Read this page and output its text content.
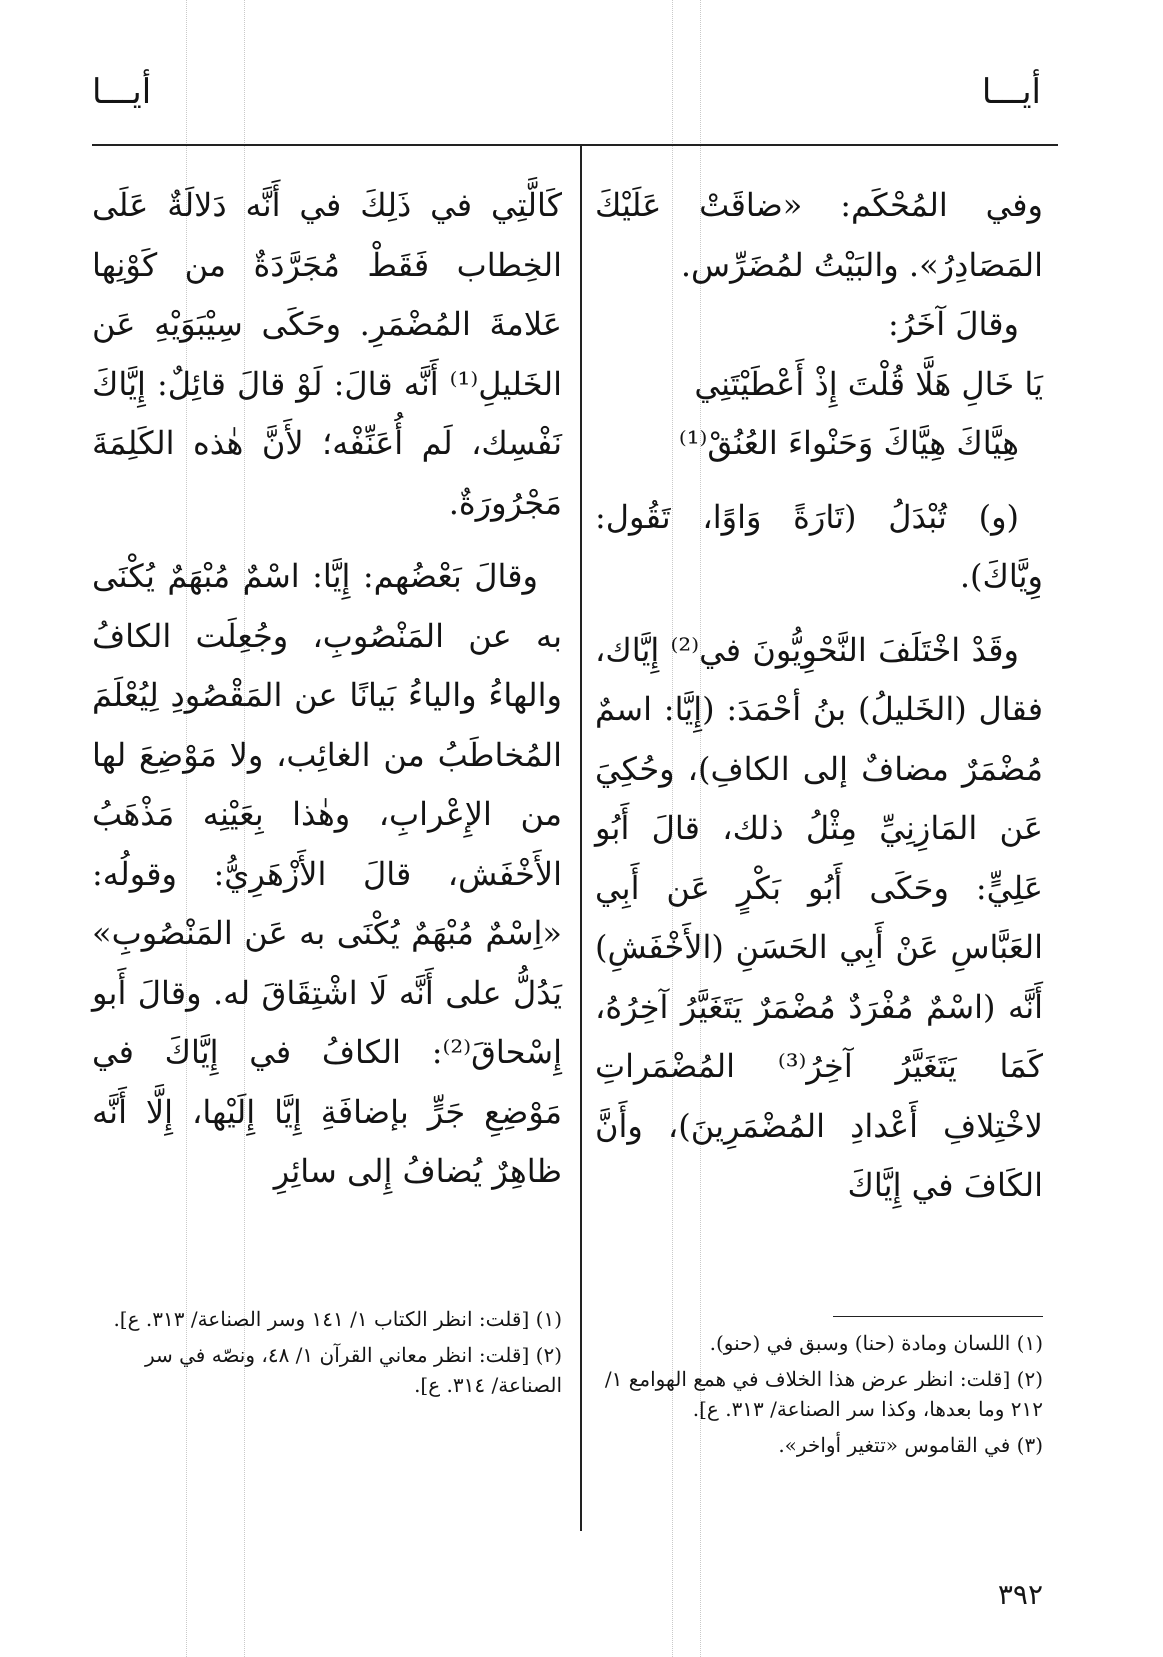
أيـــا
أيـــا

وفي المُحْكَم: «ضاقَتْ عَلَيْكَ المَصَادِرُ». والبَيْتُ لمُضَرِّس.

وقالَ آخَرُ:

يَا خَالِ هَلَّا قُلْتَ إِذْ أَعْطَيْتَنِي

هِيَّاكَ هِيَّاكَ وَحَنْواءَ العُنُقْ⁽¹⁾

(و) تُبْدَلُ (تَارَةً وَاوًا، تَقُول: وِيَّاكَ).

وقَدْ اخْتَلَفَ النَّحْوِيُّونَ في⁽²⁾ إِيَّاك، فقال (الخَليلُ) بنُ أحْمَدَ: (إِيَّا: اسمٌ مُضْمَرٌ مضافٌ إلى الكافِ)، وحُكِيَ عَن المَازِنِيِّ مِثْلُ ذلك، قالَ أَبُو عَلِيٍّ: وحَكَى أَبُو بَكْرٍ عَن أَبِي العَبَّاسِ عَنْ أَبِي الحَسَنِ (الأَخْفَشِ) أَنَّه (اسْمٌ مُفْرَدٌ مُضْمَرٌ يَتَغَيَّرُ آخِرُهُ، كَمَا يَتَغَيَّرُ آخِرُ⁽³⁾ المُضْمَراتِ لاخْتِلافِ أَعْدادِ المُضْمَرِينَ)، وأَنَّ الكَافَ في إِيَّاكَ

(١) اللسان ومادة (حنا) وسبق في (حنو).

(٢) [قلت: انظر عرض هذا الخلاف في همع الهوامع ١/ ٢١٢ وما بعدها، وكذا سر الصناعة/ ٣١٣. ع].

(٣) في القاموس «تتغير أواخر».

كَالَّتِي في ذَلِكَ في أَنَّه دَلالَةٌ عَلَى الخِطاب فَقَطْ مُجَرَّدَةٌ من كَوْنِها عَلامةَ المُضْمَرِ. وحَكَى سِيْبَوَيْهِ عَن الخَليلِ⁽¹⁾ أَنَّه قالَ: لَوْ قالَ قائِلٌ: إِيَّاكَ نَفْسِك، لَم أُعَنِّفْه؛ لأَنَّ هٰذه الكَلِمَةَ مَجْرُورَةٌ.

وقالَ بَعْضُهم: إِيَّا: اسْمٌ مُبْهَمٌ يُكْنَى به عن المَنْصُوبِ، وجُعِلَت الكافُ والهاءُ والياءُ بَيانًا عن المَقْصُودِ لِيُعْلَمَ المُخاطَبُ من الغائِب، ولا مَوْضِعَ لها من الإِعْرابِ، وهٰذا بِعَيْنِه مَذْهَبُ الأَخْفَش، قالَ الأَزْهَرِيُّ: وقولُه: «اِسْمٌ مُبْهَمٌ يُكْنَى به عَن المَنْصُوبِ» يَدُلُّ على أَنَّه لَا اشْتِقَاقَ له. وقالَ أَبو إِسْحاقَ⁽²⁾: الكافُ في إِيَّاكَ في مَوْضِعِ جَرٍّ بإضافَةِ إِيَّا إِلَيْها، إِلَّا أَنَّه ظاهِرٌ يُضافُ إِلى سائِرِ

(١) [قلت: انظر الكتاب ١/ ١٤١ وسر الصناعة/ ٣١٣. ع].

(٢) [قلت: انظر معاني القرآن ١/ ٤٨، ونصّه في سر الصناعة/ ٣١٤. ع].

٣٩٢
